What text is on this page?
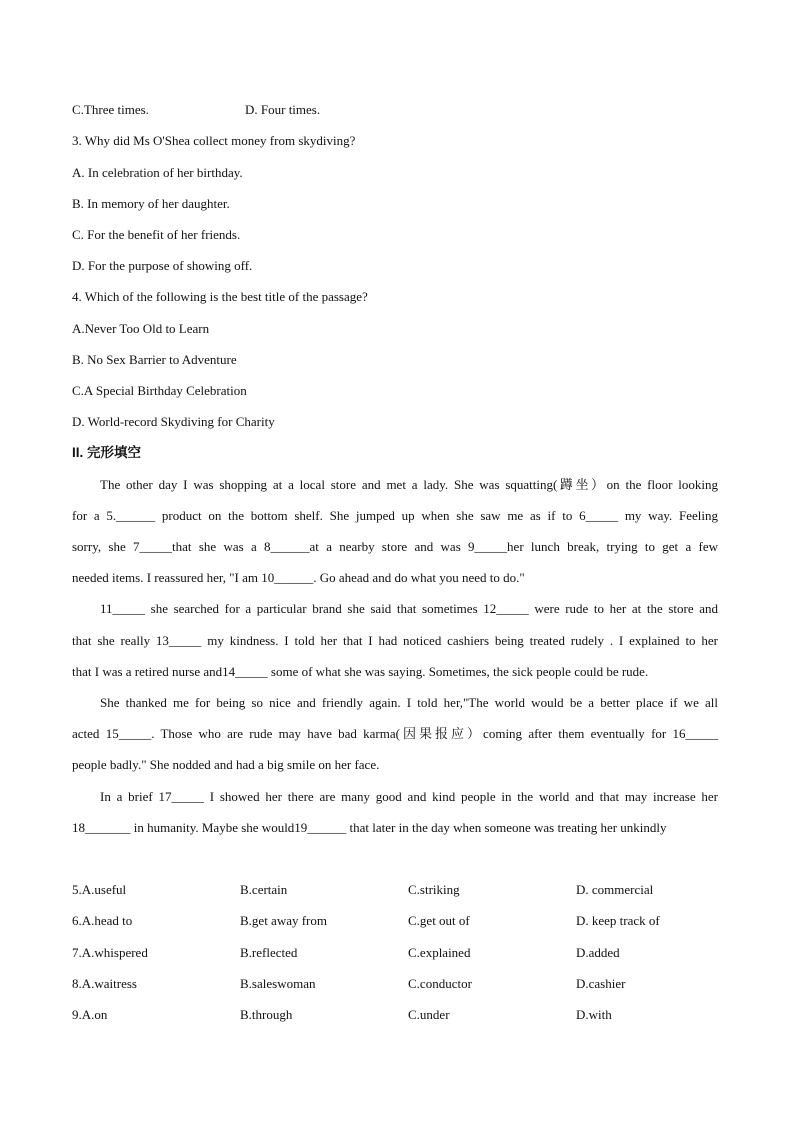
C.Three times.	D. Four times.
3. Why did Ms O'Shea collect money from skydiving?
A. In celebration of her birthday.
B. In memory of her daughter.
C. For the benefit of her friends.
D. For the purpose of showing off.
4. Which of the following is the best title of the passage?
A.Never Too Old to Learn
B. No Sex Barrier to Adventure
C.A Special Birthday Celebration
D. World-record Skydiving for Charity
II. 完形填空
The other day I was shopping at a local store and met a lady. She was squatting(蹲坐）on the floor looking
for a 5.______ product on the bottom shelf. She jumped up when she saw me as if to 6_____ my way. Feeling
sorry, she 7_____that she was a 8______at a nearby store and was 9_____her lunch break, trying to get a few
needed items. I reassured her, "I am 10______. Go ahead and do what you need to do."
11_____ she searched for a particular brand she said that sometimes 12_____ were rude to her at the store and
that she really 13_____ my kindness. I told her that I had noticed cashiers being treated rudely . I explained to her
that I was a retired nurse and14_____ some of what she was saying. Sometimes, the sick people could be rude.
She thanked me for being so nice and friendly again. I told her,"The world would be a better place if we all
acted 15_____. Those who are rude may have bad karma(因果报应）coming after them eventually for 16_____
people badly." She nodded and had a big smile on her face.
In a brief 17_____ I showed her there are many good and kind people in the world and that may increase her
18_______ in humanity. Maybe she would19______ that later in the day when someone was treating her unkindly
5.A.useful	B.certain	C.striking	D. commercial
6.A.head to	B.get away from	C.get out of	D. keep track of
7.A.whispered	B.reflected	C.explained	D.added
8.A.waitress	B.saleswoman	C.conductor	D.cashier
9.A.on	B.through	C.under	D.with
